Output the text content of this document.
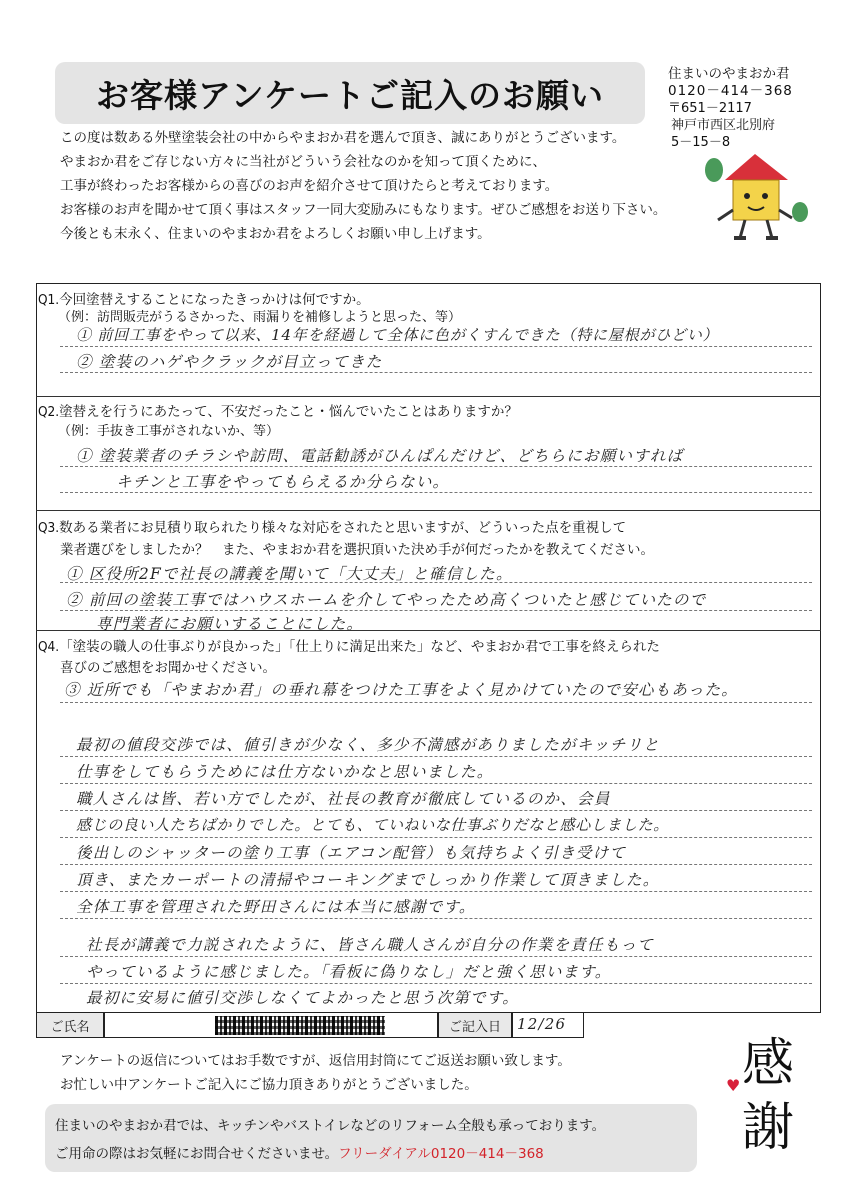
お客様アンケートご記入のお願い
住まいのやまおか君
0120－414－368
〒651－2117
神戸市西区北別府
5－15－8
この度は数ある外壁塗装会社の中からやまおか君を選んで頂き、誠にありがとうございます。
やまおか君をご存じない方々に当社がどういう会社なのかを知って頂くために、
工事が終わったお客様からの喜びのお声を紹介させて頂けたらと考えております。
お客様のお声を聞かせて頂く事はスタッフ一同大変励みにもなります。ぜひご感想をお送り下さい。
今後とも末永く、住まいのやまおか君をよろしくお願い申し上げます。
Q1.今回塗替えすることになったきっかけは何ですか。
（例：訪問販売がうるさかった、雨漏りを補修しようと思った、等）
① 前回工事をやって以来、14年を経過して全体に色がくすんできた（特に屋根がひどい）
② 塗装のハゲやクラックが目立ってきた
Q2.塗替えを行うにあたって、不安だったこと・悩んでいたことはありますか？
（例：手抜き工事がされないか、等）
① 塗装業者のチラシや訪問、電話勧誘がひんぱんだけど、どちらにお願いすれば
キチンと工事をやってもらえるか分らない。
Q3.数ある業者にお見積り取られたり様々な対応をされたと思いますが、どういった点を重視して
業者選びをしましたか？　また、やまおか君を選択頂いた決め手が何だったかを教えてください。
① 区役所2Fで社長の講義を聞いて「大丈夫」と確信した。
② 前回の塗装工事ではハウスホームを介してやったため高くついたと感じていたので
専門業者にお願いすることにした。
Q4.「塗装の職人の仕事ぶりが良かった」「仕上りに満足出来た」など、やまおか君で工事を終えられた
喜びのご感想をお聞かせください。
③ 近所でも「やまおか君」の垂れ幕をつけた工事をよく見かけていたので安心もあった。
最初の値段交渉では、値引きが少なく、多少不満感がありましたがキッチリと
仕事をしてもらうためには仕方ないかなと思いました。
職人さんは皆、若い方でしたが、社長の教育が徹底しているのか、会員
感じの良い人たちばかりでした。とても、ていねいな仕事ぶりだなと感心しました。
後出しのシャッターの塗り工事（エアコン配管）も気持ちよく引き受けて
頂き、またカーポートの清掃やコーキングまでしっかり作業して頂きました。
全体工事を管理された野田さんには本当に感謝です。
社長が講義で力説されたように、皆さん職人さんが自分の作業を責任もって
やっているように感じました。「看板に偽りなし」だと強く思います。
最初に安易に値引交渉しなくてよかったと思う次第です。
ご氏名	ご記入日	12/26
アンケートの返信についてはお手数ですが、返信用封筒にてご返送お願い致します。
お忙しい中アンケートご記入にご協力頂きありがとうございました。	♥ 感謝
住まいのやまおか君では、キッチンやバストイレなどのリフォーム全般も承っております。
ご用命の際はお気軽にお問合せくださいませ。フリーダイアル0120－414－368
